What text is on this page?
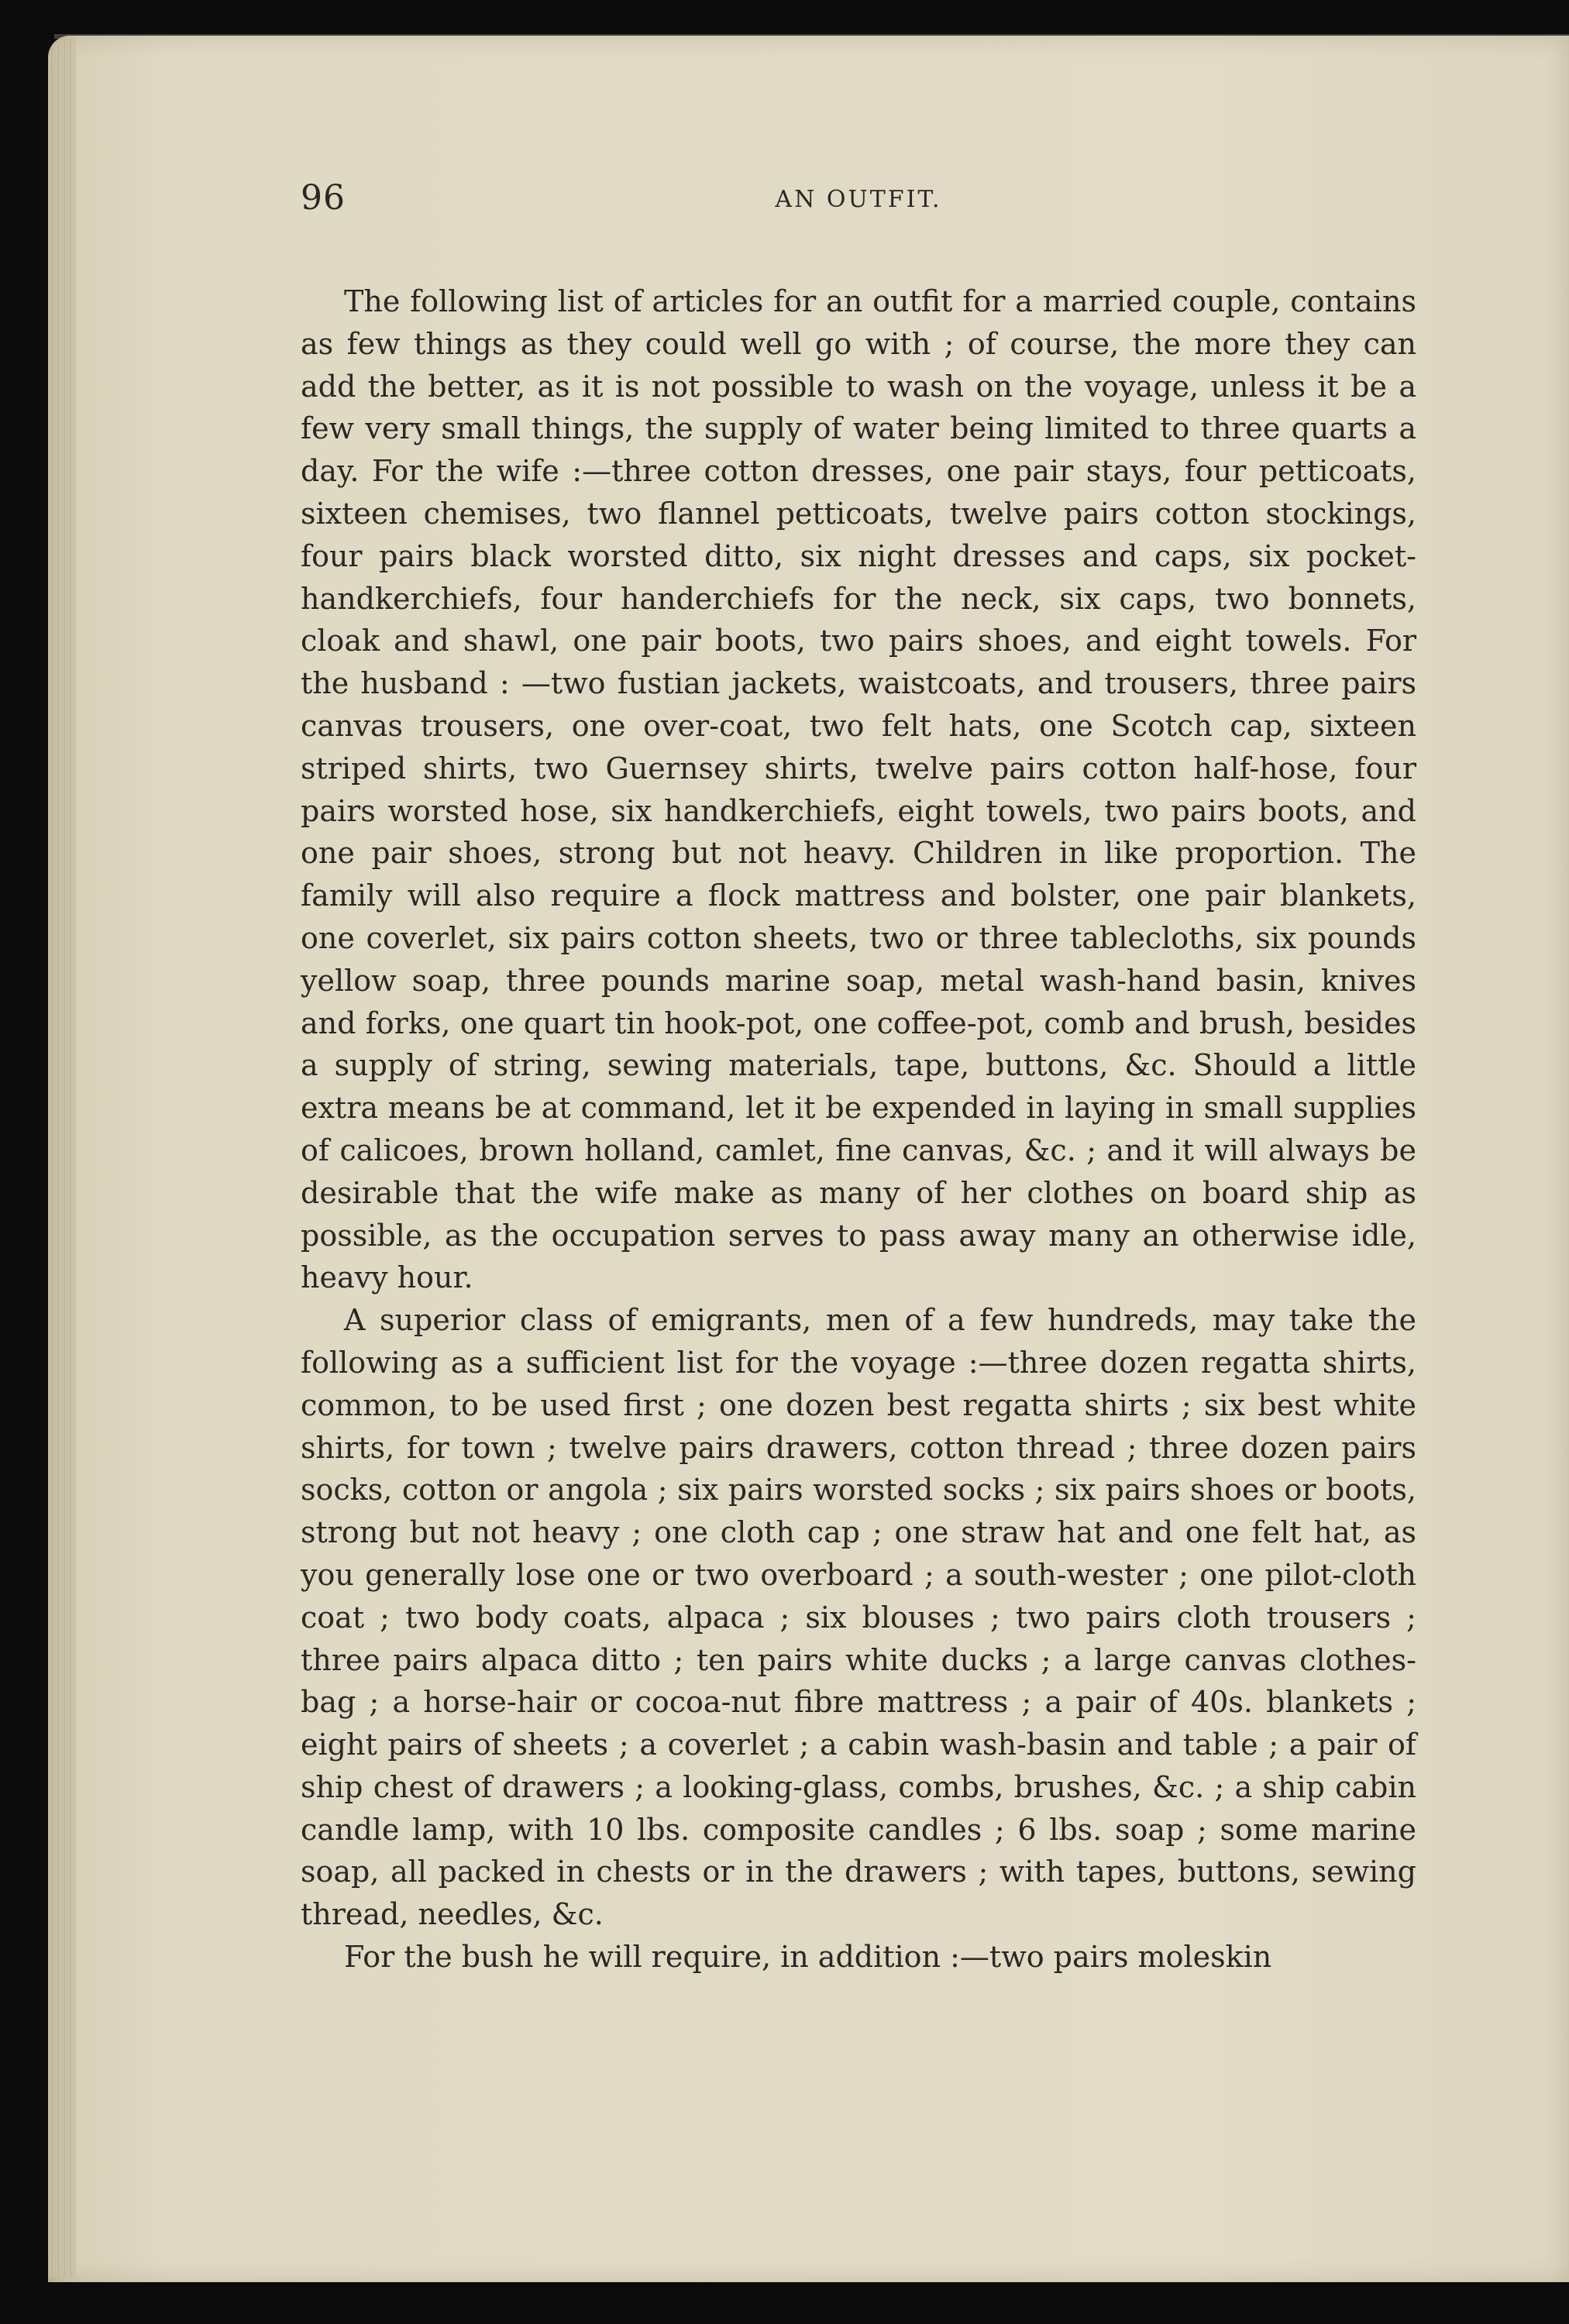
96	AN OUTFIT.

The following list of articles for an outfit for a married couple, contains as few things as they could well go with ; of course, the more they can add the better, as it is not possible to wash on the voyage, unless it be a few very small things, the supply of water being limited to three quarts a day. For the wife :—three cotton dresses, one pair stays, four petticoats, sixteen chemises, two flannel petticoats, twelve pairs cotton stockings, four pairs black worsted ditto, six night dresses and caps, six pocket-handkerchiefs, four handerchiefs for the neck, six caps, two bonnets, cloak and shawl, one pair boots, two pairs shoes, and eight towels. For the husband : —two fustian jackets, waistcoats, and trousers, three pairs canvas trousers, one over-coat, two felt hats, one Scotch cap, sixteen striped shirts, two Guernsey shirts, twelve pairs cotton half-hose, four pairs worsted hose, six handkerchiefs, eight towels, two pairs boots, and one pair shoes, strong but not heavy. Children in like proportion. The family will also require a flock mattress and bolster, one pair blankets, one coverlet, six pairs cotton sheets, two or three tablecloths, six pounds yellow soap, three pounds marine soap, metal wash-hand basin, knives and forks, one quart tin hook-pot, one coffee-pot, comb and brush, besides a supply of string, sewing materials, tape, buttons, &c. Should a little extra means be at command, let it be expended in laying in small supplies of calicoes, brown holland, camlet, fine canvas, &c. ; and it will always be desirable that the wife make as many of her clothes on board ship as possible, as the occupation serves to pass away many an otherwise idle, heavy hour.

A superior class of emigrants, men of a few hundreds, may take the following as a sufficient list for the voyage :—three dozen regatta shirts, common, to be used first ; one dozen best regatta shirts ; six best white shirts, for town ; twelve pairs drawers, cotton thread ; three dozen pairs socks, cotton or angola ; six pairs worsted socks ; six pairs shoes or boots, strong but not heavy ; one cloth cap ; one straw hat and one felt hat, as you generally lose one or two overboard ; a south-wester ; one pilot-cloth coat ; two body coats, alpaca ; six blouses ; two pairs cloth trousers ; three pairs alpaca ditto ; ten pairs white ducks ; a large canvas clothes-bag ; a horse-hair or cocoa-nut fibre mattress ; a pair of 40s. blankets ; eight pairs of sheets ; a coverlet ; a cabin wash-basin and table ; a pair of ship chest of drawers ; a looking-glass, combs, brushes, &c. ; a ship cabin candle lamp, with 10 lbs. composite candles ; 6 lbs. soap ; some marine soap, all packed in chests or in the drawers ; with tapes, buttons, sewing thread, needles, &c.

For the bush he will require, in addition :—two pairs moleskin
